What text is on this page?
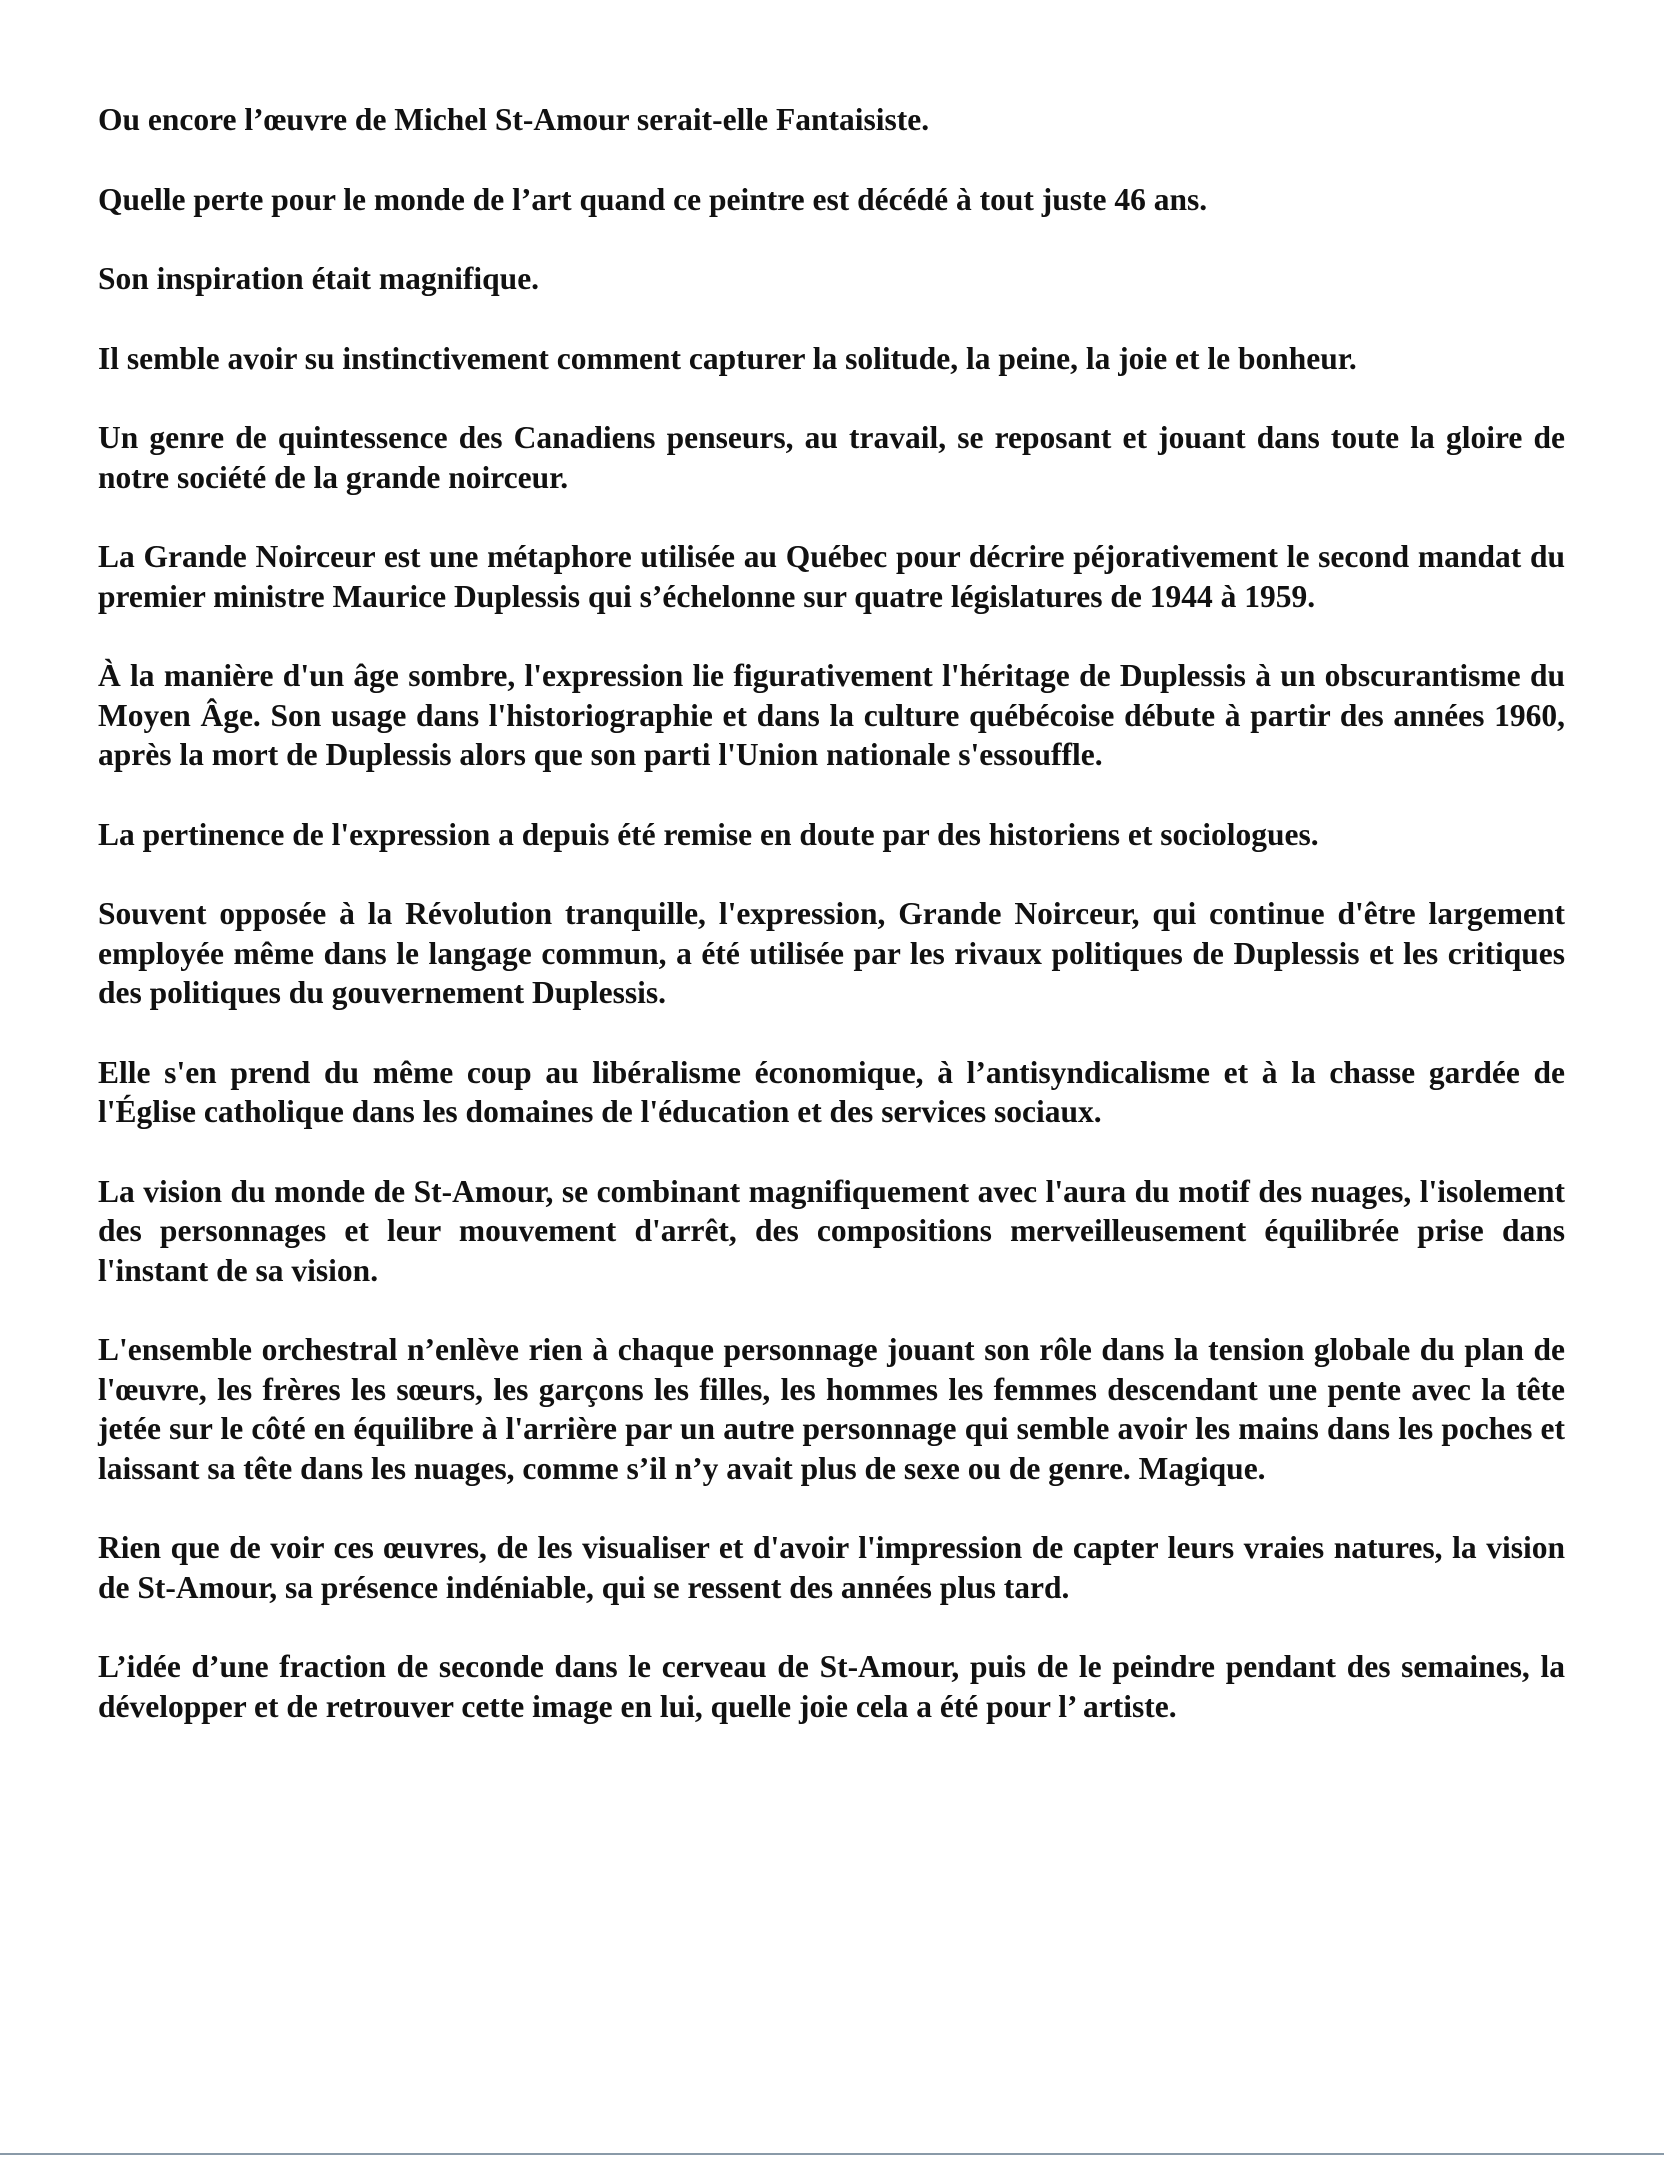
Ou encore l’œuvre de Michel St-Amour serait-elle Fantaisiste.

Quelle perte pour le monde de l’art quand ce peintre est décédé à tout juste 46 ans.

Son inspiration était magnifique.

Il semble avoir su instinctivement comment capturer la solitude, la peine, la joie et le bonheur.

Un genre de quintessence des Canadiens penseurs, au travail, se reposant et jouant dans toute la gloire de notre société de la grande noirceur.

La Grande Noirceur est une métaphore utilisée au Québec pour décrire péjorativement le second mandat du premier ministre Maurice Duplessis qui s’échelonne sur quatre législatures de 1944 à 1959.

À la manière d'un âge sombre, l'expression lie figurativement l'héritage de Duplessis à un obscurantisme du Moyen Âge. Son usage dans l'historiographie et dans la culture québécoise débute à partir des années 1960, après la mort de Duplessis alors que son parti l'Union nationale s'essouffle.

La pertinence de l'expression a depuis été remise en doute par des historiens et sociologues.

Souvent opposée à la Révolution tranquille, l'expression, Grande Noirceur, qui continue d'être largement employée même dans le langage commun, a été utilisée par les rivaux politiques de Duplessis et les critiques des politiques du gouvernement Duplessis.

Elle s'en prend du même coup au libéralisme économique, à l’antisyndicalisme et à la chasse gardée de l'Église catholique dans les domaines de l'éducation et des services sociaux.

La vision du monde de St-Amour, se combinant magnifiquement avec l'aura du motif des nuages, l'isolement des personnages et leur mouvement d'arrêt, des compositions merveilleusement équilibrée prise dans l'instant de sa vision.

L'ensemble orchestral n’enlève rien à chaque personnage jouant son rôle dans la tension globale du plan de l'œuvre, les frères les sœurs, les garçons les filles, les hommes les femmes descendant une pente avec la tête jetée sur le côté en équilibre à l'arrière par un autre personnage qui semble avoir les mains dans les poches et laissant sa tête dans les nuages, comme s’il n’y avait plus de sexe ou de genre. Magique.

Rien que de voir ces œuvres, de les visualiser et d'avoir l'impression de capter leurs vraies natures, la vision de St-Amour, sa présence indéniable, qui se ressent des années plus tard.

L’idée d’une fraction de seconde dans le cerveau de St-Amour, puis de le peindre pendant des semaines, la développer et de retrouver cette image en lui, quelle joie cela a été pour l’ artiste.
